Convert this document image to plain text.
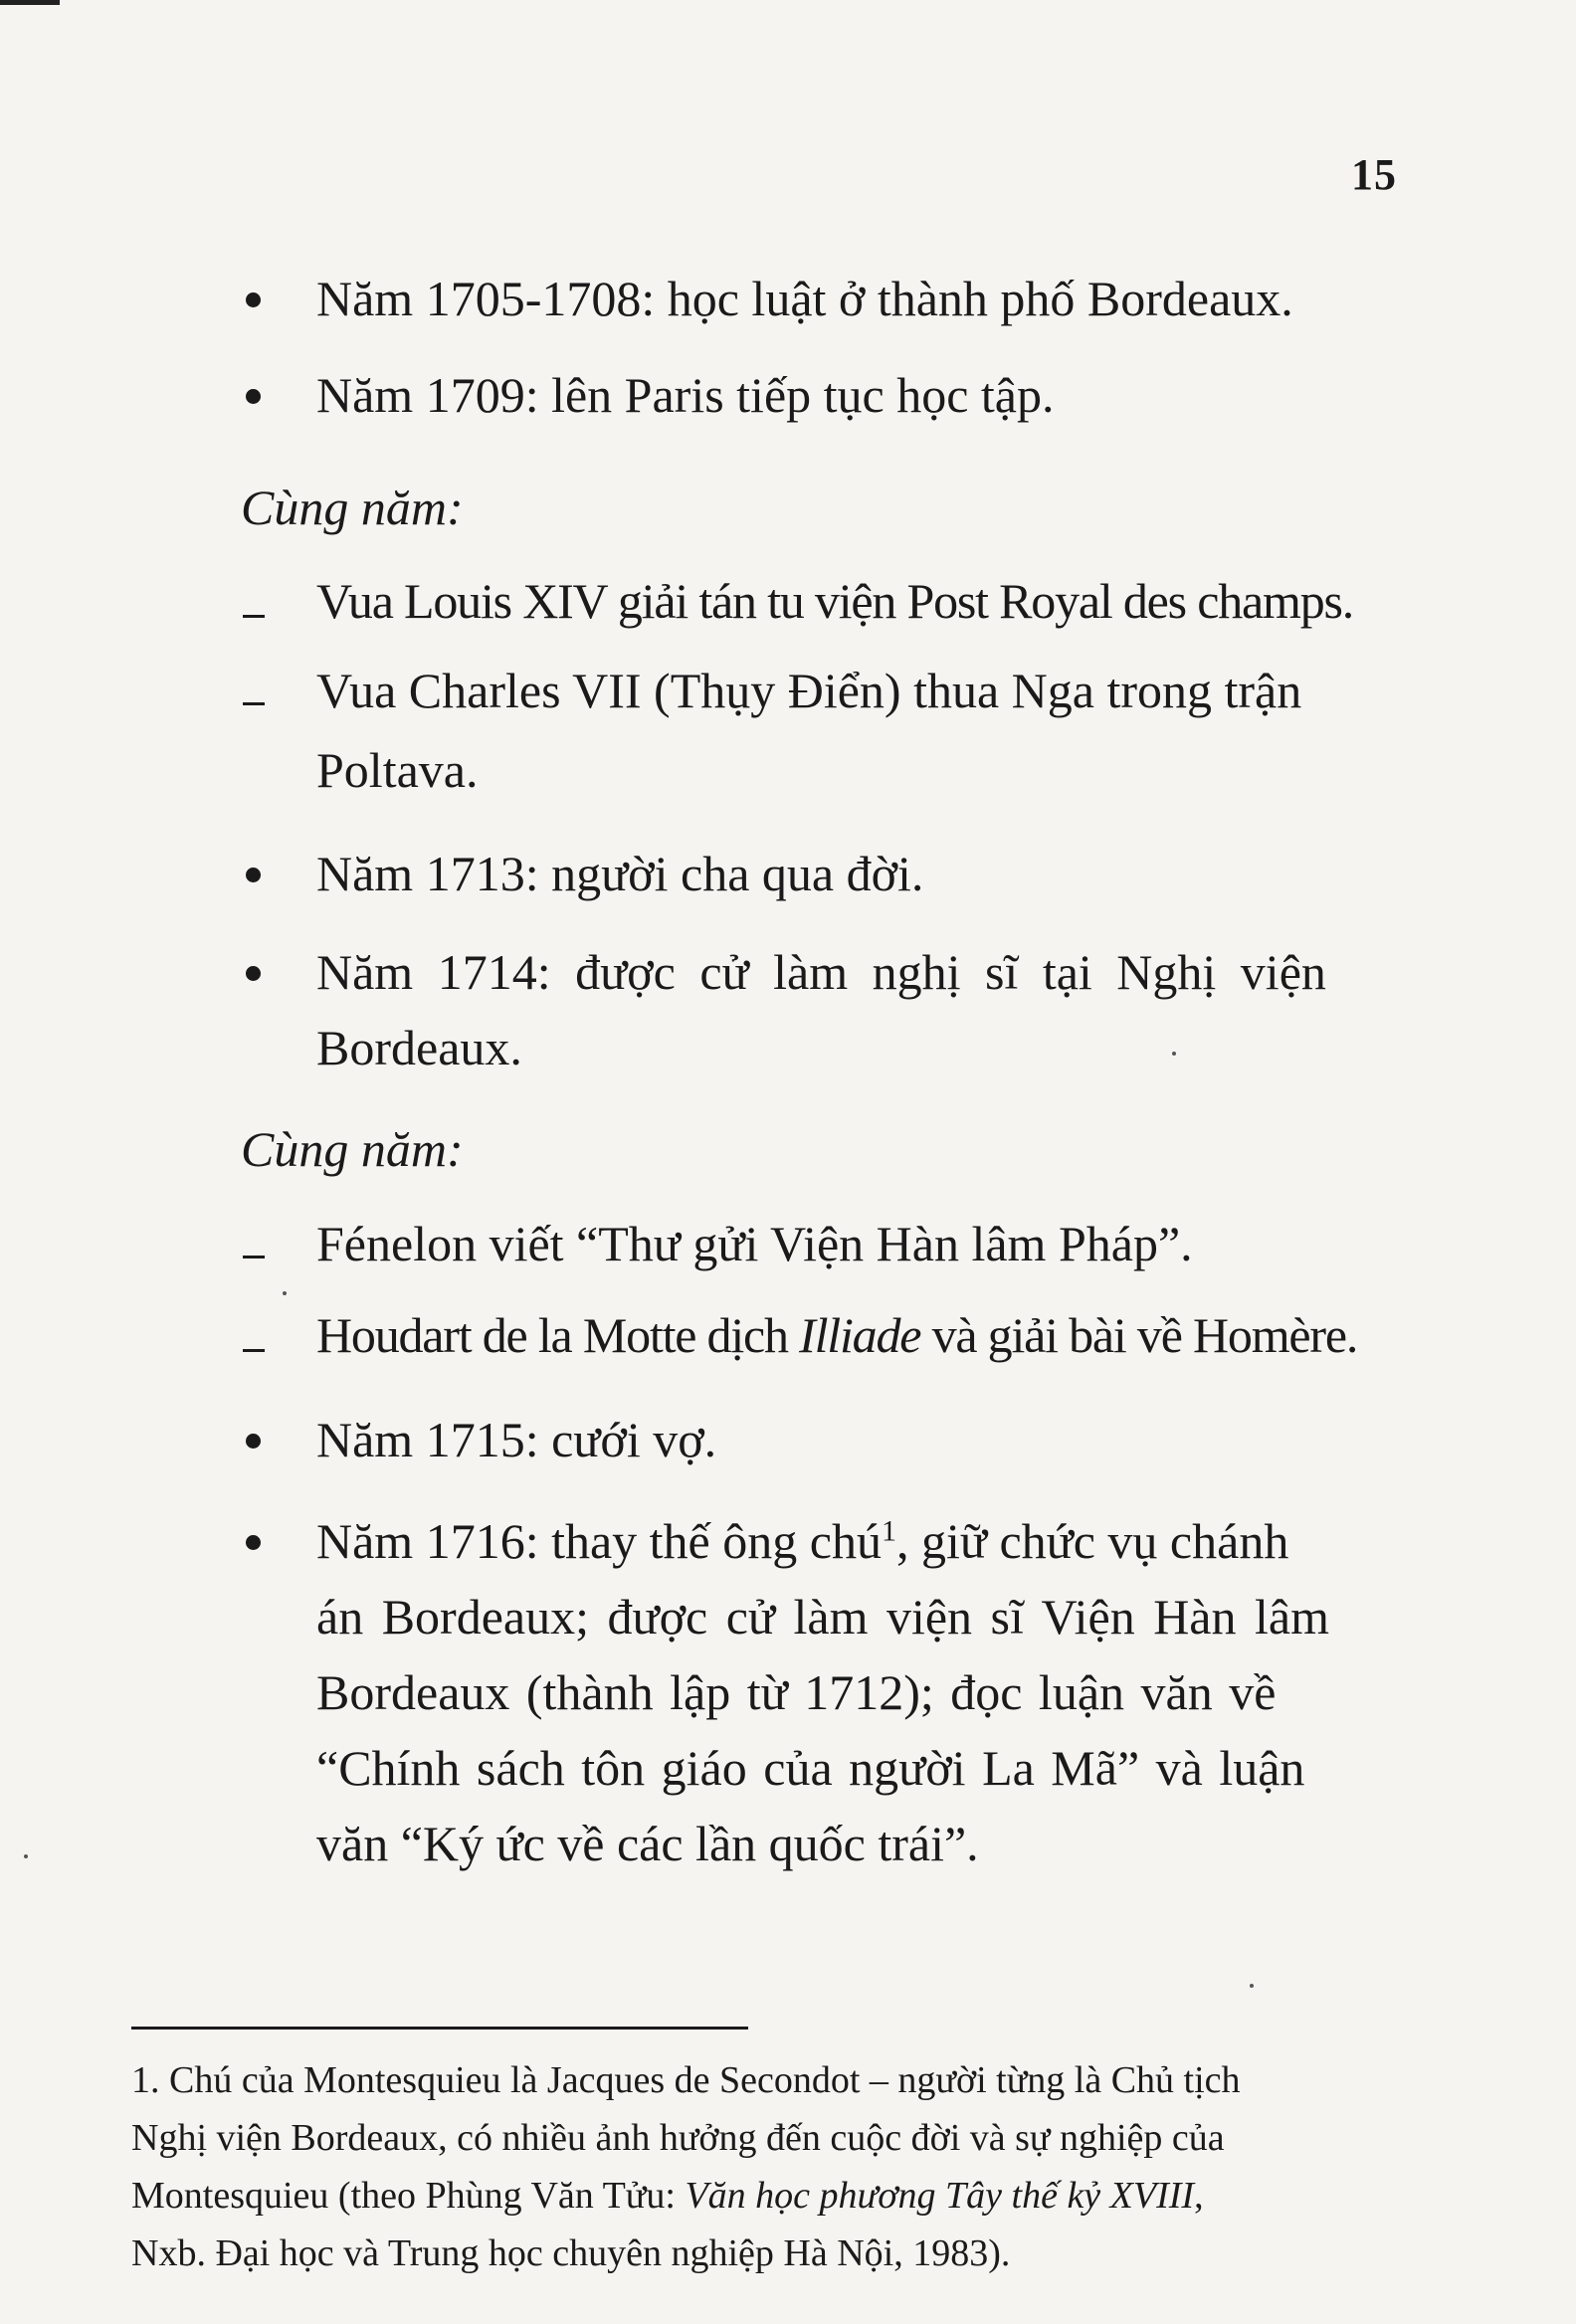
15
Năm 1705-1708: học luật ở thành phố Bordeaux.
Năm 1709: lên Paris tiếp tục học tập.
Cùng năm:
Vua Louis XIV giải tán tu viện Post Royal des champs.
Vua Charles VII (Thụy Điển) thua Nga trong trận
Poltava.
Năm 1713: người cha qua đời.
Năm 1714: được cử làm nghị sĩ tại Nghị viện
Bordeaux.
Cùng năm:
Fénelon viết “Thư gửi Viện Hàn lâm Pháp”.
Houdart de la Motte dịch Illiade và giải bài về Homère.
Năm 1715: cưới vợ.
Năm 1716: thay thế ông chú$^1$, giữ chức vụ chánh
án Bordeaux; được cử làm viện sĩ Viện Hàn lâm
Bordeaux (thành lập từ 1712); đọc luận văn về
“Chính sách tôn giáo của người La Mã” và luận
văn “Ký ức về các lần quốc trái”.
1. Chú của Montesquieu là Jacques de Secondot – người từng là Chủ tịch
Nghị viện Bordeaux, có nhiều ảnh hưởng đến cuộc đời và sự nghiệp của
Montesquieu (theo Phùng Văn Tửu: Văn học phương Tây thế kỷ XVIII,
Nxb. Đại học và Trung học chuyên nghiệp Hà Nội, 1983).
